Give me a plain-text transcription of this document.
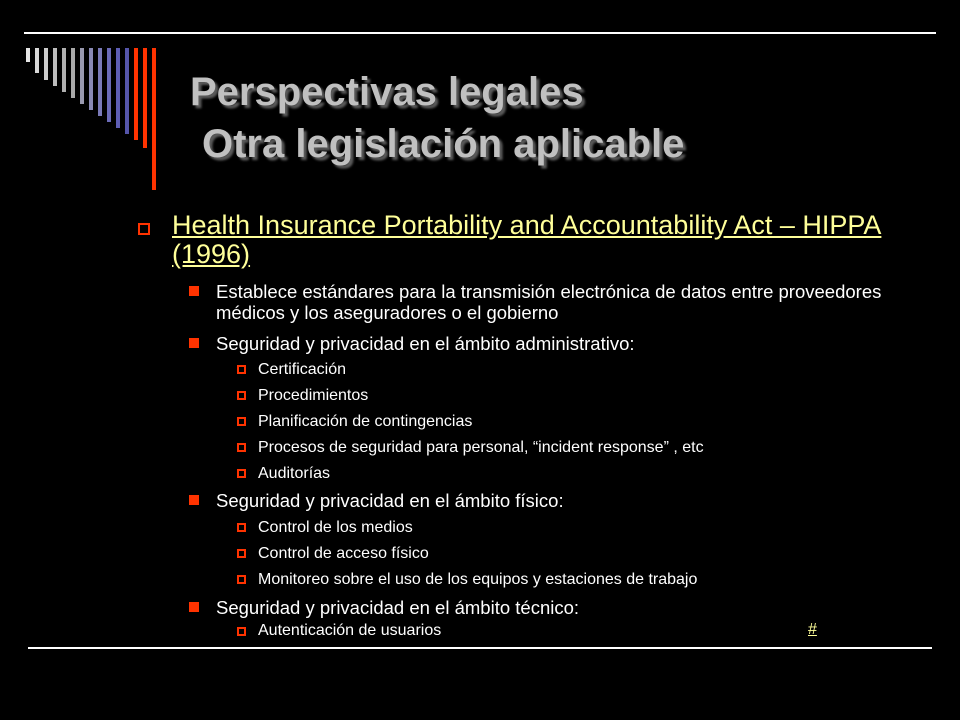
Perspectivas legales
Otra legislación aplicable
Health Insurance Portability and Accountability Act – HIPPA (1996)
Establece estándares para la transmisión electrónica de datos entre proveedores médicos y los aseguradores o el gobierno
Seguridad y privacidad en el ámbito administrativo:
Certificación
Procedimientos
Planificación de contingencias
Procesos de seguridad para personal, “incident response” , etc
Auditorías
Seguridad y privacidad en el ámbito físico:
Control de los medios
Control de acceso físico
Monitoreo sobre el uso de los equipos y estaciones de trabajo
Seguridad y privacidad en el ámbito técnico:
Autenticación de usuarios	#
